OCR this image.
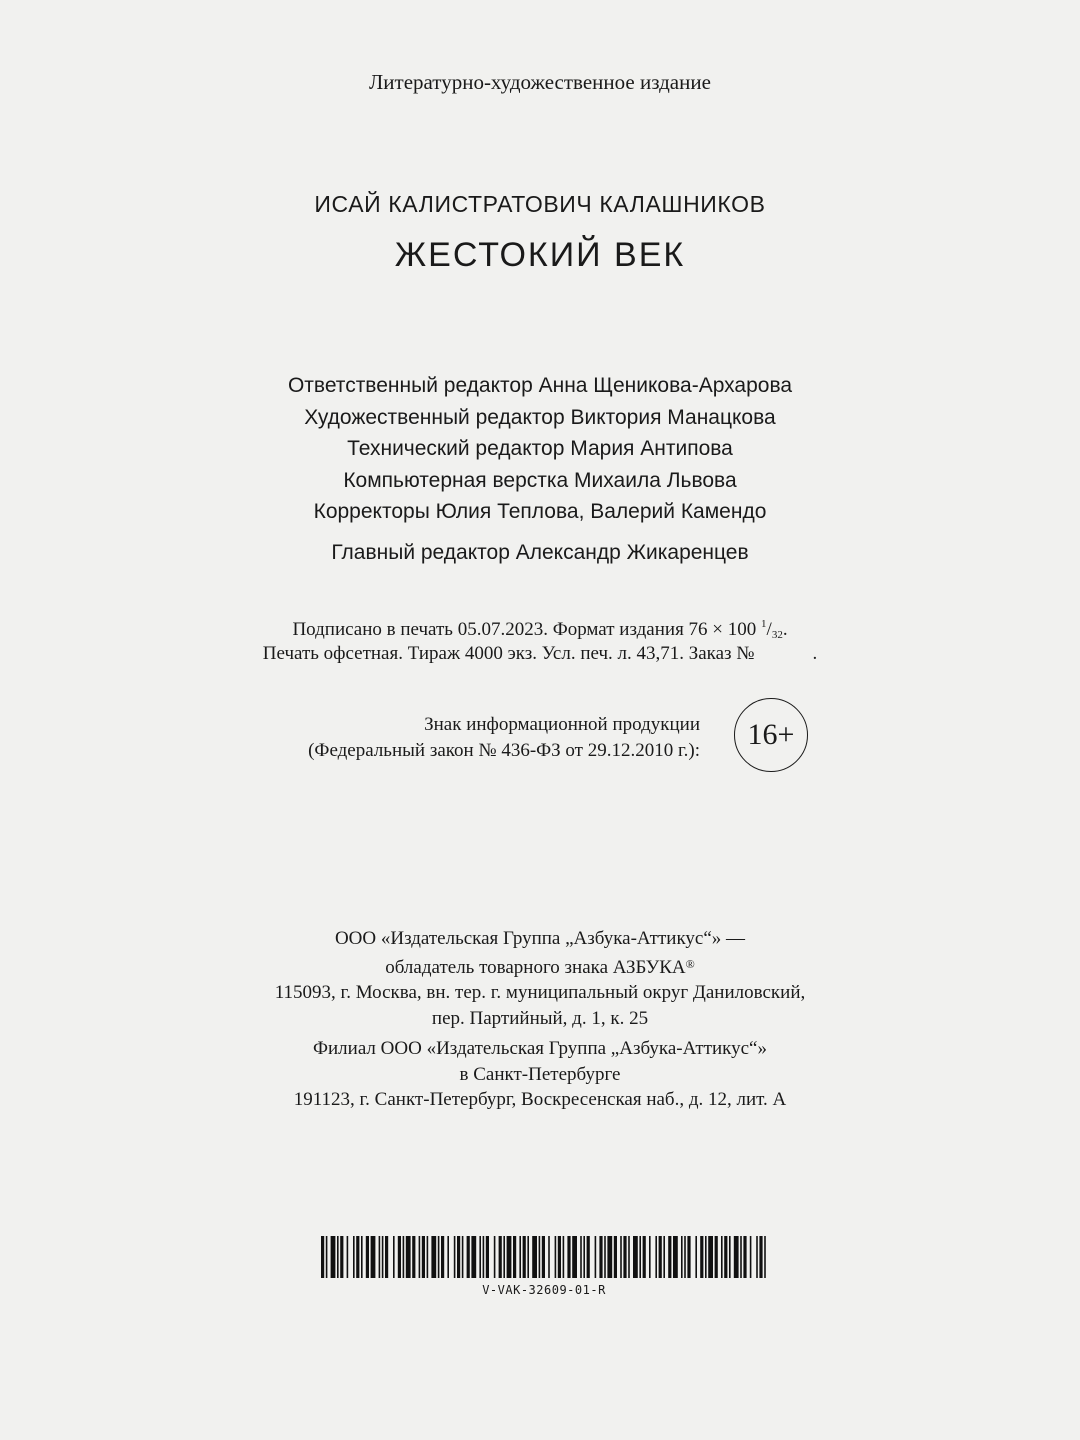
Литературно-художественное издание
ИСАЙ КАЛИСТРАТОВИЧ КАЛАШНИКОВ
ЖЕСТОКИЙ ВЕК
Ответственный редактор Анна Щеникова-Архарова
Художественный редактор Виктория Манацкова
Технический редактор Мария Антипова
Компьютерная верстка Михаила Львова
Корректоры Юлия Теплова, Валерий Камендо
Главный редактор Александр Жикаренцев
Подписано в печать 05.07.2023. Формат издания 76 × 100 $^1$/32.
Печать офсетная. Тираж 4000 экз. Усл. печ. л. 43,71. Заказ №	.
Знак информационной продукции
(Федеральный закон № 436-ФЗ от 29.12.2010 г.): 16+
ООО «Издательская Группа „Азбука-Аттикус“» —
обладатель товарного знака АЗБУКА®
115093, г. Москва, вн. тер. г. муниципальный округ Даниловский,
пер. Партийный, д. 1, к. 25
Филиал ООО «Издательская Группа „Азбука-Аттикус“»
в Санкт-Петербурге
191123, г. Санкт-Петербург, Воскресенская наб., д. 12, лит. А
V-VAK-32609-01-R
